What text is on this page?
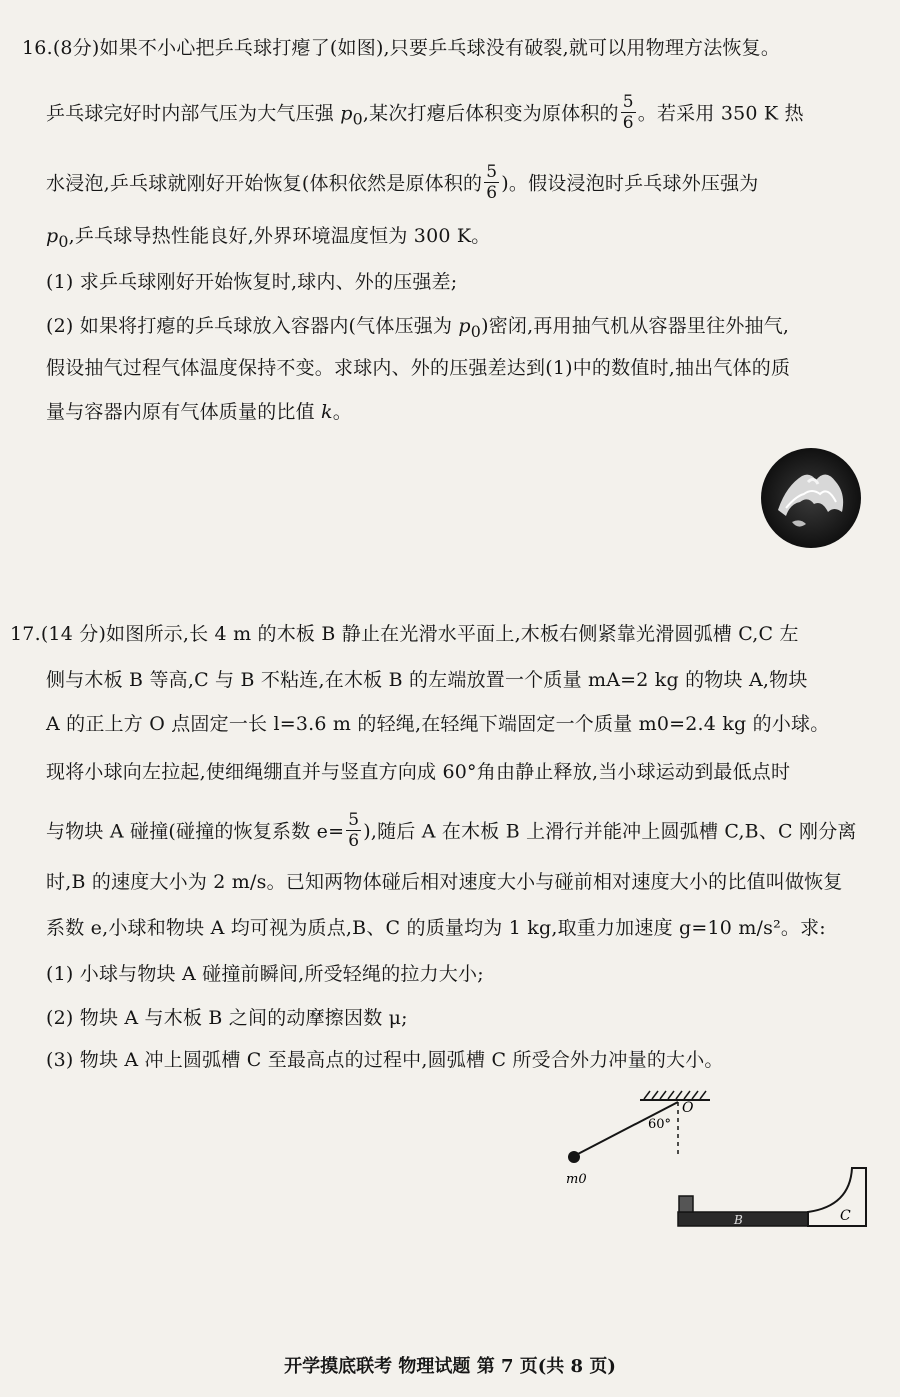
16.(8分)如果不小心把乒乓球打瘪了(如图),只要乒乓球没有破裂,就可以用物理方法恢复。
乒乓球完好时内部气压为大气压强 $p_0$,某次打瘪后体积变为原体积的 $\frac{5}{6}$ 。若采用 350 K 热
水浸泡,乒乓球就刚好开始恢复(体积依然是原体积的 $\frac{5}{6}$ )。假设浸泡时乒乓球外压强为
$p_0$,乒乓球导热性能良好,外界环境温度恒为 300 K。
(1) 求乒乓球刚好开始恢复时,球内、外的压强差;
(2) 如果将打瘪的乒乓球放入容器内(气体压强为 $p_0$)密闭,再用抽气机从容器里往外抽气,
假设抽气过程气体温度保持不变。求球内、外的压强差达到(1)中的数值时,抽出气体的质
量与容器内原有气体质量的比值 k。
17.(14 分)如图所示,长 4 m 的木板 B 静止在光滑水平面上,木板右侧紧靠光滑圆弧槽 C,C 左
侧与木板 B 等高,C 与 B 不粘连,在木板 B 的左端放置一个质量 mA=2 kg 的物块 A,物块
A 的正上方 O 点固定一长 l=3.6 m 的轻绳,在轻绳下端固定一个质量 m0=2.4 kg 的小球。
现将小球向左拉起,使细绳绷直并与竖直方向成 60°角由静止释放,当小球运动到最低点时
与物块 A 碰撞(碰撞的恢复系数 $e= \frac{5}{6}$ ),随后 A 在木板 B 上滑行并能冲上圆弧槽 C,B、C 刚分离
时,B 的速度大小为 2 m/s。已知两物体碰后相对速度大小与碰前相对速度大小的比值叫做恢复
系数 e,小球和物块 A 均可视为质点,B、C 的质量均为 1 kg,取重力加速度 g=10 m/s²。求:
(1) 小球与物块 A 碰撞前瞬间,所受轻绳的拉力大小;
(2) 物块 A 与木板 B 之间的动摩擦因数 μ;
(3) 物块 A 冲上圆弧槽 C 至最高点的过程中,圆弧槽 C 所受合外力冲量的大小。
m0
O
60°
B	C
开学摸底联考 物理试题 第 7 页(共 8 页)
